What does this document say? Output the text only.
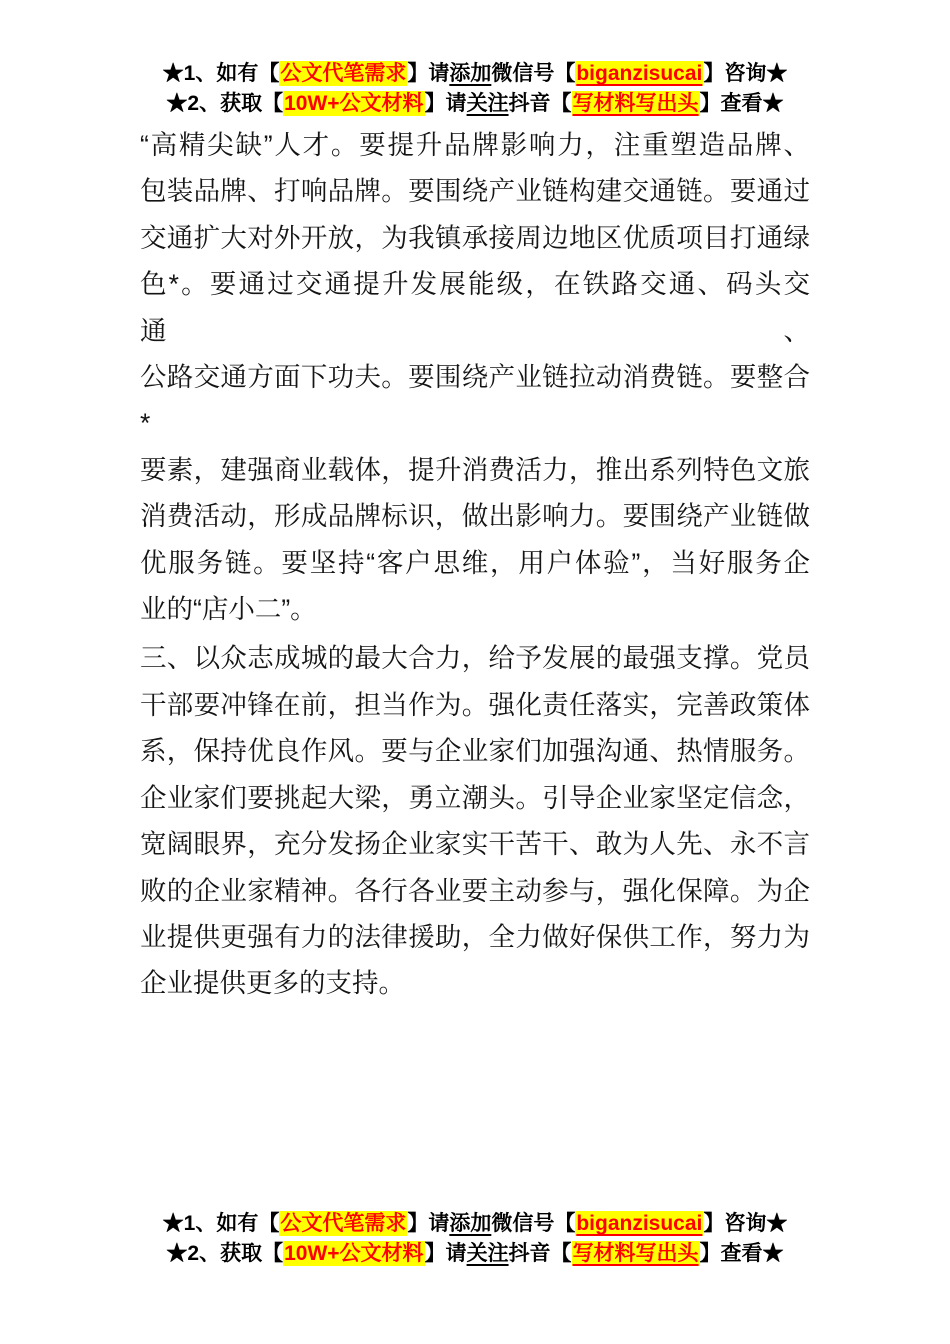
★1、如有【公文代笔需求】请添加微信号【biganzisucai】咨询★
★2、获取【10W+公文材料】请关注抖音【写材料写出头】查看★
“高精尖缺”人才。要提升品牌影响力，注重塑造品牌、
包装品牌、打响品牌。要围绕产业链构建交通链。要通过
交通扩大对外开放，为我镇承接周边地区优质项目打通绿
色*。要通过交通提升发展能级，在铁路交通、码头交通、
公路交通方面下功夫。要围绕产业链拉动消费链。要整合*
要素，建强商业载体，提升消费活力，推出系列特色文旅
消费活动，形成品牌标识，做出影响力。要围绕产业链做
优服务链。要坚持“客户思维，用户体验”，当好服务企
业的“店小二”。
三、以众志成城的最大合力，给予发展的最强支撑。党员
干部要冲锋在前，担当作为。强化责任落实，完善政策体
系，保持优良作风。要与企业家们加强沟通、热情服务。
企业家们要挑起大梁，勇立潮头。引导企业家坚定信念，
宽阔眼界，充分发扬企业家实干苦干、敢为人先、永不言
败的企业家精神。各行各业要主动参与，强化保障。为企
业提供更强有力的法律援助，全力做好保供工作，努力为
企业提供更多的支持。
★1、如有【公文代笔需求】请添加微信号【biganzisucai】咨询★
★2、获取【10W+公文材料】请关注抖音【写材料写出头】查看★
